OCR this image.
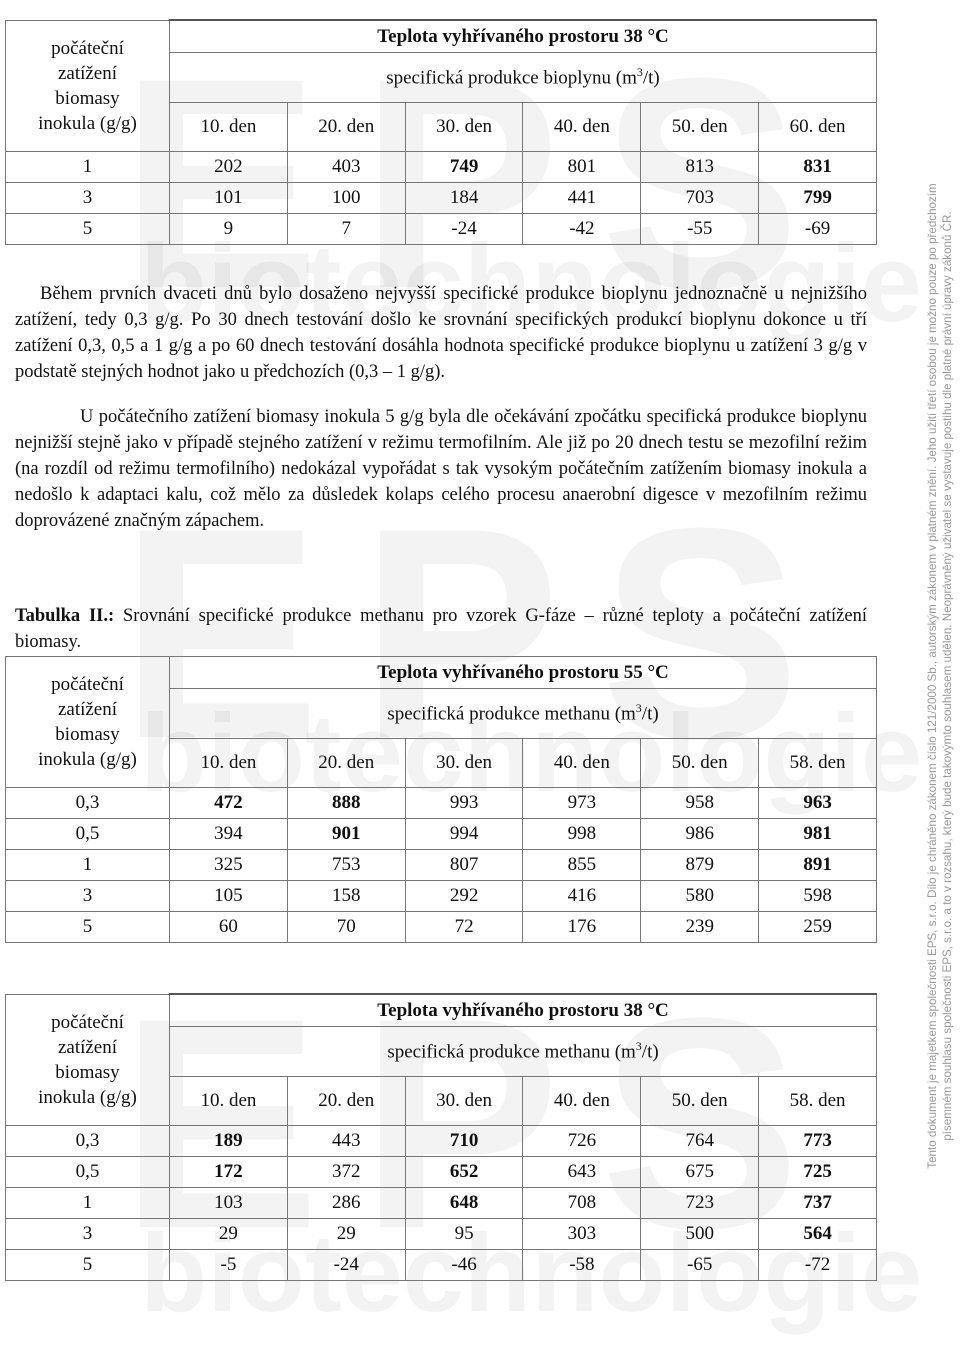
Tento dokument je majetkem společnosti EPS, s.r.o. Dílo je chráněno zákonem číslo 121/2000 Sb., autorským zákonem v platném znění. Jeho užití třetí osobou je možno pouze po předchozím písemném souhlasu společnosti EPS, s.r.o. a to v rozsahu, který bude takovýmto souhlasem udělen. Neoprávněný uživatel se vystavuje postihu dle platné právní úpravy zákonů ČR.
počáteční
zatížení
biomasy
inokula (g/g)	Teplota vyhřívaného prostoru 38 °C					
	specifická produkce bioplynu $(m^3/t)$					
	10. den	20. den	30. den	40. den	50. den	60. den
1	202	403	749	801	813	831
3	101	100	184	441	703	799
5	9	7	-24	-42	-55	-69

Během prvních dvaceti dnů bylo dosaženo nejvyšší specifické produkce bioplynu jednoznačně u nejnižšího zatížení, tedy 0,3 g/g. Po 30 dnech testování došlo ke srovnání specifických produkcí bioplynu dokonce u tří zatížení 0,3, 0,5 a 1 g/g a po 60 dnech testování dosáhla hodnota specifické produkce bioplynu u zatížení 3 g/g v podstatě stejných hodnot jako u předchozích (0,3 – 1 g/g).

U počátečního zatížení biomasy inokula 5 g/g byla dle očekávání zpočátku specifická produkce bioplynu nejnižší stejně jako v případě stejného zatížení v režimu termofilním. Ale již po 20 dnech testu se mezofilní režim (na rozdíl od režimu termofilního) nedokázal vypořádat s tak vysokým počátečním zatížením biomasy inokula a nedošlo k adaptaci kalu, což mělo za důsledek kolaps celého procesu anaerobní digesce v mezofilním režimu doprovázené značným zápachem.

Tabulka II.: Srovnání specifické produkce methanu pro vzorek G-fáze – různé teploty a počáteční zatížení biomasy.
počáteční
zatížení
biomasy
inokula (g/g)	Teplota vyhřívaného prostoru 55 °C					
	specifická produkce methanu $(m^3/t)$					
	10. den	20. den	30. den	40. den	50. den	58. den
0,3	472	888	993	973	958	963
0,5	394	901	994	998	986	981
1	325	753	807	855	879	891
3	105	158	292	416	580	598
5	60	70	72	176	239	259
počáteční
zatížení
biomasy
inokula (g/g)	Teplota vyhřívaného prostoru 38 °C					
	specifická produkce methanu $(m^3/t)$					
	10. den	20. den	30. den	40. den	50. den	58. den
0,3	189	443	710	726	764	773
0,5	172	372	652	643	675	725
1	103	286	648	708	723	737
3	29	29	95	303	500	564
5	-5	-24	-46	-58	-65	-72
